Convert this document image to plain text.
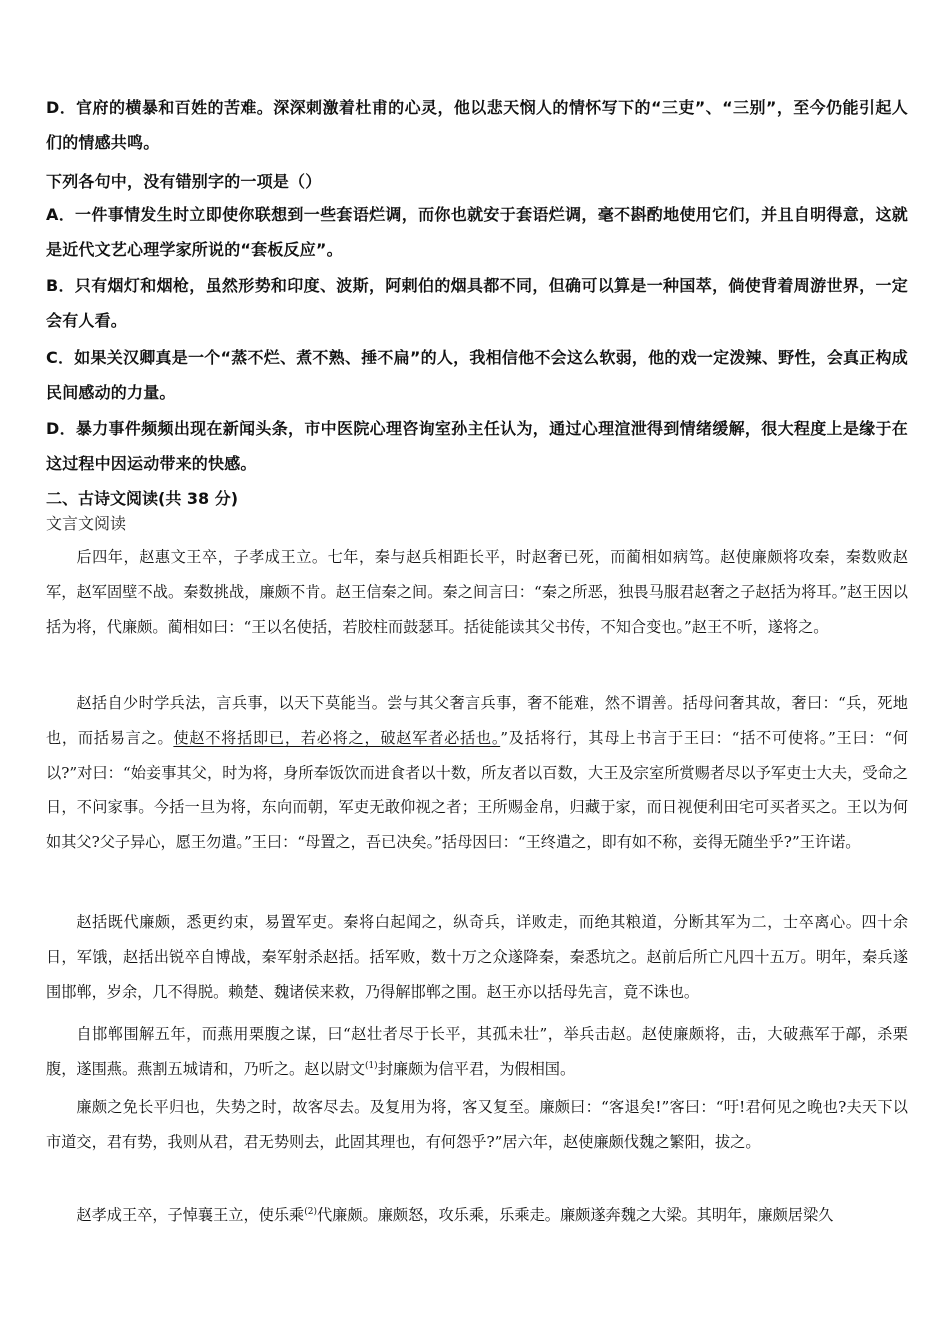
D．官府的横暴和百姓的苦难。深深刺激着杜甫的心灵，他以悲天悯人的情怀写下的“三吏”、“三别”，至今仍能引起人们的情感共鸣。

下列各句中，没有错别字的一项是（）

A．一件事情发生时立即使你联想到一些套语烂调，而你也就安于套语烂调，毫不斟酌地使用它们，并且自明得意，这就是近代文艺心理学家所说的“套板反应”。

B．只有烟灯和烟枪，虽然形势和印度、波斯，阿剌伯的烟具都不同，但确可以算是一种国萃，倘使背着周游世界，一定会有人看。

C．如果关汉卿真是一个“蒸不烂、煮不熟、捶不扁”的人，我相信他不会这么软弱，他的戏一定泼辣、野性，会真正构成民间感动的力量。

D．暴力事件频频出现在新闻头条，市中医院心理咨询室孙主任认为，通过心理渲泄得到情绪缓解，很大程度上是缘于在这过程中因运动带来的快感。

二、古诗文阅读(共 38 分)

文言文阅读

后四年，赵惠文王卒，子孝成王立。七年，秦与赵兵相距长平，时赵奢已死，而蔺相如病笃。赵使廉颇将攻秦，秦数败赵军，赵军固壁不战。秦数挑战，廉颇不肯。赵王信秦之间。秦之间言曰：“秦之所恶，独畏马服君赵奢之子赵括为将耳。”赵王因以括为将，代廉颇。蔺相如曰：“王以名使括，若胶柱而鼓瑟耳。括徒能读其父书传，不知合变也。”赵王不听，遂将之。

赵括自少时学兵法，言兵事，以天下莫能当。尝与其父奢言兵事，奢不能难，然不谓善。括母问奢其故，奢曰：“兵，死地也，而括易言之。使赵不将括即已，若必将之，破赵军者必括也。”及括将行，其母上书言于王曰：“括不可使将。”王曰：“何以?”对曰：“始妾事其父，时为将，身所奉饭饮而进食者以十数，所友者以百数，大王及宗室所赏赐者尽以予军吏士大夫，受命之日，不问家事。今括一旦为将，东向而朝，军吏无敢仰视之者；王所赐金帛，归藏于家，而日视便利田宅可买者买之。王以为何如其父?父子异心，愿王勿遣。”王曰：“母置之，吾已决矣。”括母因曰：“王终遣之，即有如不称，妾得无随坐乎?”王许诺。

赵括既代廉颇，悉更约束，易置军吏。秦将白起闻之，纵奇兵，详败走，而绝其粮道，分断其军为二，士卒离心。四十余日，军饿，赵括出锐卒自博战，秦军射杀赵括。括军败，数十万之众遂降秦，秦悉坑之。赵前后所亡凡四十五万。明年，秦兵遂围邯郸，岁余，几不得脱。赖楚、魏诸侯来救，乃得解邯郸之围。赵王亦以括母先言，竟不诛也。

自邯郸围解五年，而燕用栗腹之谋，曰“赵壮者尽于长平，其孤未壮”，举兵击赵。赵使廉颇将，击，大破燕军于鄗，杀栗腹，遂围燕。燕割五城请和，乃听之。赵以尉文$^{(1)}$封廉颇为信平君，为假相国。

廉颇之免长平归也，失势之时，故客尽去。及复用为将，客又复至。廉颇曰：“客退矣!”客曰：“吁!君何见之晚也?夫天下以市道交，君有势，我则从君，君无势则去，此固其理也，有何怨乎?”居六年，赵使廉颇伐魏之繁阳，拔之。

赵孝成王卒，子悼襄王立，使乐乘$^{(2)}$代廉颇。廉颇怒，攻乐乘，乐乘走。廉颇遂奔魏之大梁。其明年，廉颇居梁久
